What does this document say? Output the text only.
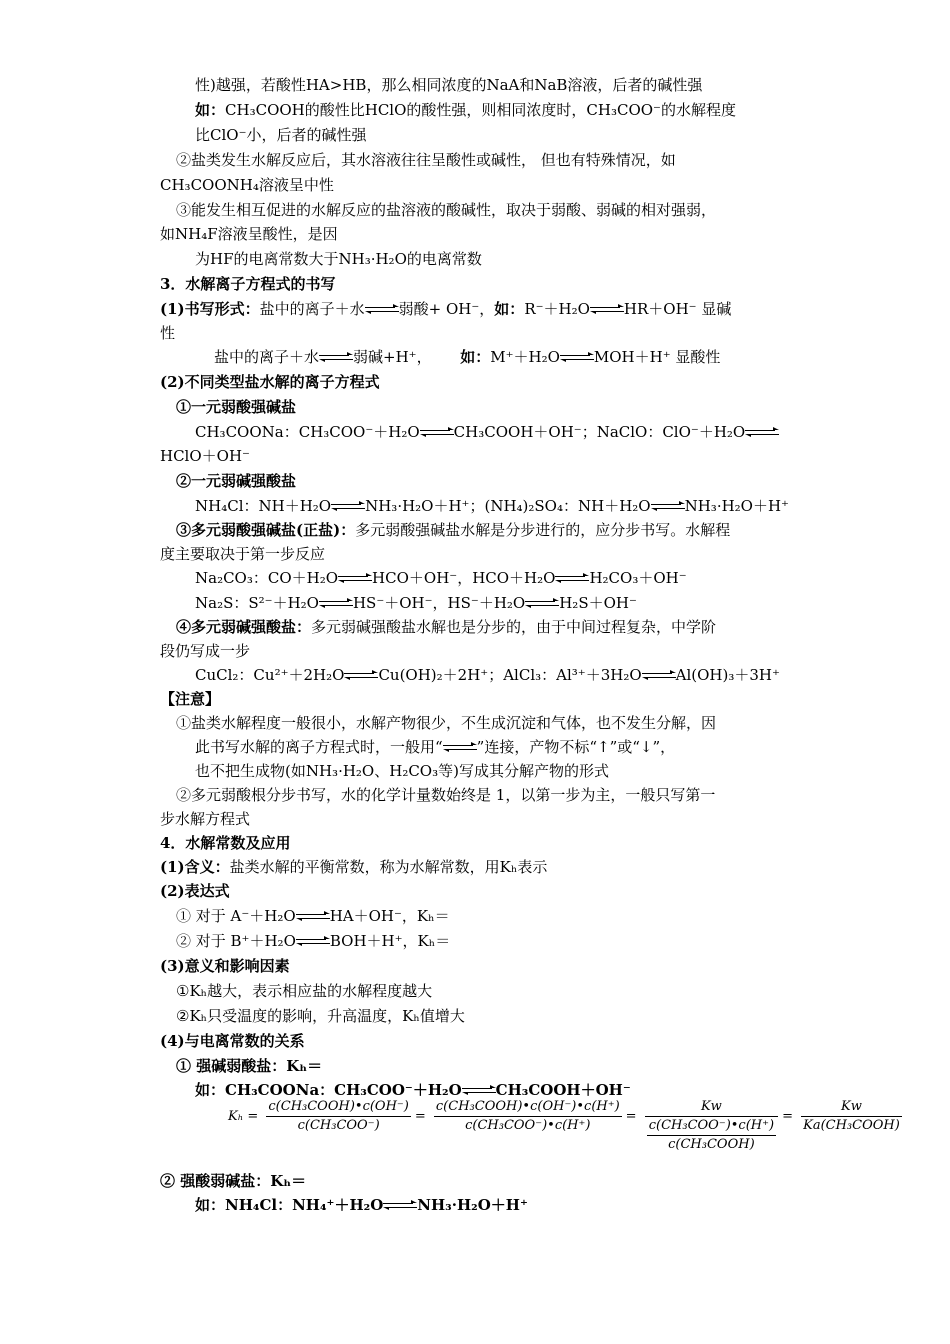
性)越强，若酸性HA>HB，那么相同浓度的NaA和NaB溶液，后者的碱性强
如：CH₃COOH的酸性比HClO的酸性强，则相同浓度时，CH₃COO⁻的水解程度
比ClO⁻小，后者的碱性强
②盐类发生水解反应后，其水溶液往往呈酸性或碱性， 但也有特殊情况，如
CH₃COONH₄溶液呈中性
③能发生相互促进的水解反应的盐溶液的酸碱性，取决于弱酸、弱碱的相对强弱，
如NH₄F溶液呈酸性，是因
为HF的电离常数大于NH₃·H₂O的电离常数
3．水解离子方程式的书写
(1)书写形式：盐中的离子＋水 弱酸+ OH⁻，如：R⁻＋H₂O HR＋OH⁻ 显碱
性
盐中的离子＋水 弱碱+H⁺，      如：M⁺＋H₂O MOH＋H⁺ 显酸性
(2)不同类型盐水解的离子方程式
①一元弱酸强碱盐
CH₃COONa：CH₃COO⁻＋H₂O CH₃COOH＋OH⁻；NaClO：ClO⁻＋H₂O
HClO＋OH⁻
②一元弱碱强酸盐
NH₄Cl：NH＋H₂O NH₃·H₂O＋H⁺；(NH₄)₂SO₄：NH＋H₂O NH₃·H₂O＋H⁺
③多元弱酸强碱盐(正盐)：多元弱酸强碱盐水解是分步进行的，应分步书写。水解程
度主要取决于第一步反应
Na₂CO₃：CO＋H₂O HCO＋OH⁻，HCO＋H₂O H₂CO₃＋OH⁻
Na₂S：S²⁻＋H₂O HS⁻＋OH⁻，HS⁻＋H₂O H₂S＋OH⁻
④多元弱碱强酸盐：多元弱碱强酸盐水解也是分步的，由于中间过程复杂，中学阶
段仍写成一步
CuCl₂：Cu²⁺＋2H₂O Cu(OH)₂＋2H⁺；AlCl₃：Al³⁺＋3H₂O Al(OH)₃＋3H⁺
【注意】
①盐类水解程度一般很小，水解产物很少，不生成沉淀和气体，也不发生分解，因
此书写水解的离子方程式时，一般用“ ”连接，产物不标“↑”或“↓”，
也不把生成物(如NH₃·H₂O、H₂CO₃等)写成其分解产物的形式
②多元弱酸根分步书写，水的化学计量数始终是 1，以第一步为主，一般只写第一
步水解方程式
4．水解常数及应用
(1)含义：盐类水解的平衡常数，称为水解常数，用Kₕ表示
(2)表达式
① 对于 A⁻＋H₂O HA＋OH⁻，Kₕ＝
② 对于 B⁺＋H₂O BOH＋H⁺，Kₕ＝
(3)意义和影响因素
①Kₕ越大，表示相应盐的水解程度越大
②Kₕ只受温度的影响，升高温度，Kₕ值增大
(4)与电离常数的关系
① 强碱弱酸盐：Kₕ＝
如：CH₃COONa：CH₃COO⁻＋H₂O CH₃COOH＋OH⁻
$K_h = \frac{\text{c(CH₃COOH)•c(OH⁻)}}{\text{c(CH₃COO⁻)}} = \frac{\text{c(CH₃COOH)•c(OH⁻)•c(H⁺)}}{\text{c(CH₃COO⁻)•c(H⁺)}} = \frac{Kw}{\frac{\text{c(CH₃COO⁻)•c(H⁺)}}{\text{c(CH₃COOH)}}} = \frac{Kw}{\text{Ka(CH₃COOH)}}$
② 强酸弱碱盐：Kₕ＝
如：NH₄Cl：NH₄⁺＋H₂O NH₃·H₂O＋H⁺
